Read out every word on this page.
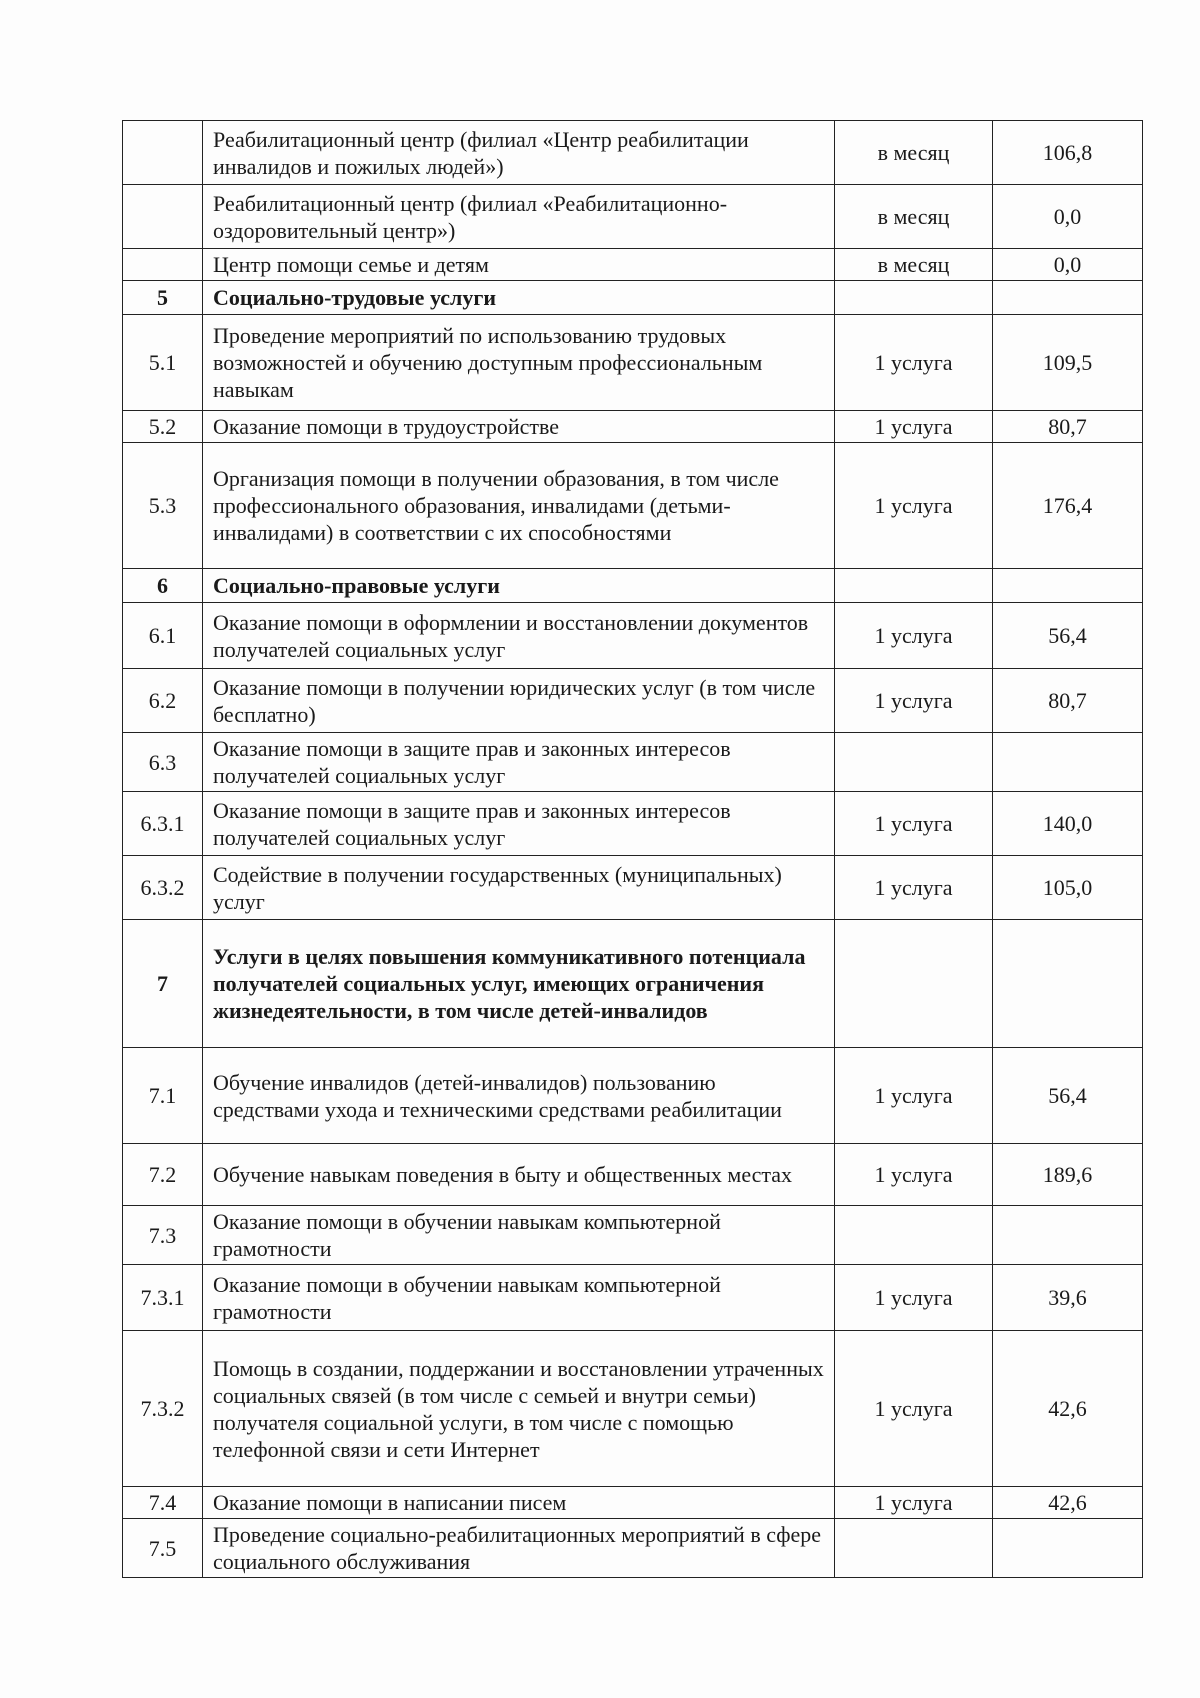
	Реабилитационный центр (филиал «Центр реабилитации инвалидов и пожилых людей»)	в месяц	106,8
	Реабилитационный центр (филиал «Реабилитационно-оздоровительный центр»)	в месяц	0,0
	Центр помощи семье и детям	в месяц	0,0
5	Социально-трудовые услуги		
5.1	Проведение мероприятий по использованию трудовых возможностей и обучению доступным профессиональным навыкам	1 услуга	109,5
5.2	Оказание помощи в трудоустройстве	1 услуга	80,7
5.3	Организация помощи в получении образования, в том числе профессионального образования, инвалидами (детьми-инвалидами) в соответствии с их способностями	1 услуга	176,4
6	Социально-правовые услуги		
6.1	Оказание помощи в оформлении и восстановлении документов получателей социальных услуг	1 услуга	56,4
6.2	Оказание помощи в получении юридических услуг (в том числе бесплатно)	1 услуга	80,7
6.3	Оказание помощи в защите прав и законных интересов получателей социальных услуг		
6.3.1	Оказание помощи в защите прав и законных интересов получателей социальных услуг	1 услуга	140,0
6.3.2	Содействие в получении государственных (муниципальных) услуг	1 услуга	105,0
7	Услуги в целях повышения коммуникативного потенциала получателей социальных услуг, имеющих ограничения жизнедеятельности, в том числе детей-инвалидов		
7.1	Обучение инвалидов (детей-инвалидов) пользованию средствами ухода и техническими средствами реабилитации	1 услуга	56,4
7.2	Обучение навыкам поведения в быту и общественных местах	1 услуга	189,6
7.3	Оказание помощи в обучении навыкам компьютерной грамотности		
7.3.1	Оказание помощи в обучении навыкам компьютерной грамотности	1 услуга	39,6
7.3.2	Помощь в создании, поддержании и восстановлении утраченных социальных связей (в том числе с семьей и внутри семьи) получателя социальной услуги, в том числе с помощью телефонной связи и сети Интернет	1 услуга	42,6
7.4	Оказание помощи в написании писем	1 услуга	42,6
7.5	Проведение социально-реабилитационных мероприятий в сфере социального обслуживания		
